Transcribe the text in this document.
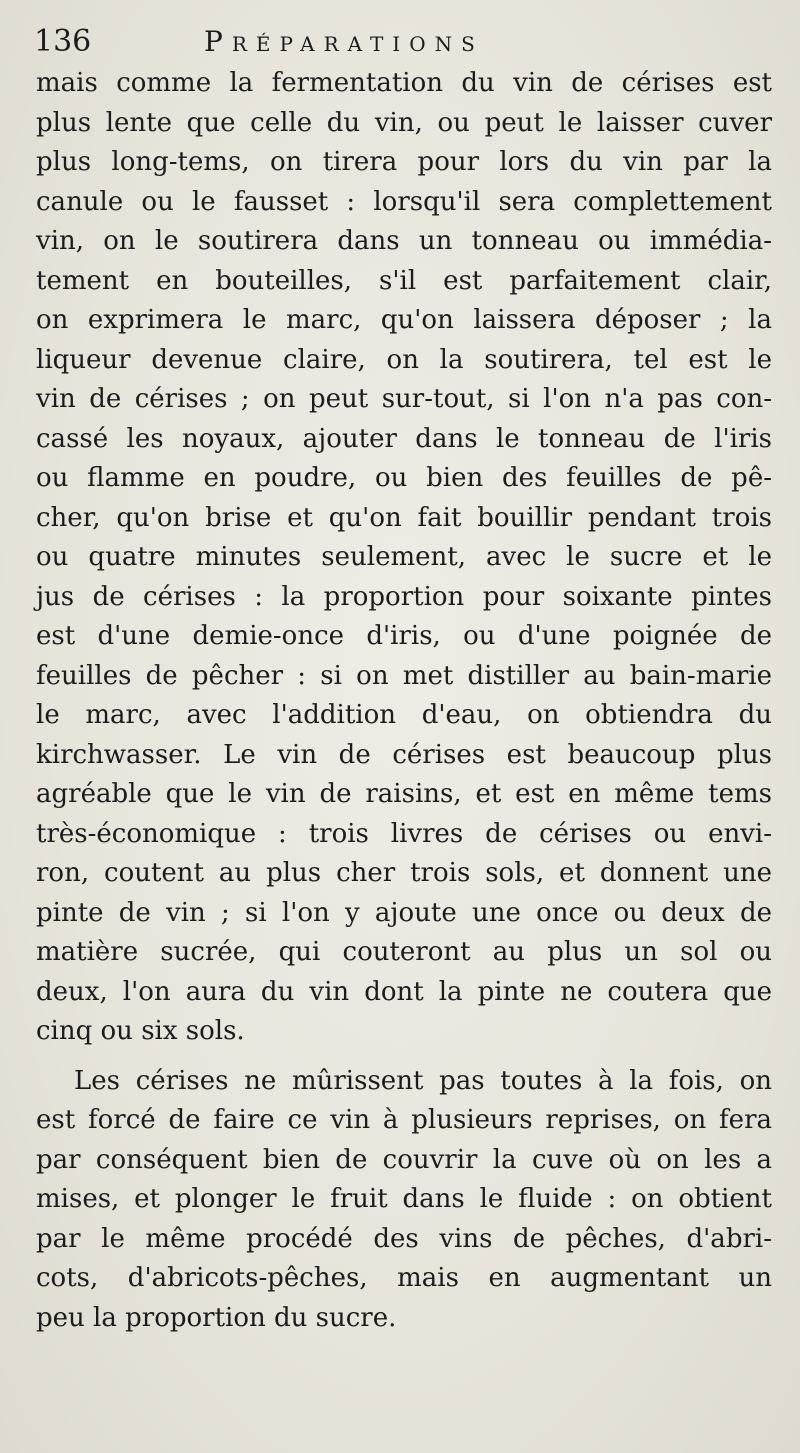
136	Préparations
mais comme la fermentation du vin de cérises est
plus lente que celle du vin, ou peut le laisser cuver
plus long-tems, on tirera pour lors du vin par la
canule ou le fausset : lorsqu'il sera complettement
vin, on le soutirera dans un tonneau ou immédia-
tement en bouteilles, s'il est parfaitement clair,
on exprimera le marc, qu'on laissera déposer ; la
liqueur devenue claire, on la soutirera, tel est le
vin de cérises ; on peut sur-tout, si l'on n'a pas con-
cassé les noyaux, ajouter dans le tonneau de l'iris
ou flamme en poudre, ou bien des feuilles de pê-
cher, qu'on brise et qu'on fait bouillir pendant trois
ou quatre minutes seulement, avec le sucre et le
jus de cérises : la proportion pour soixante pintes
est d'une demie-once d'iris, ou d'une poignée de
feuilles de pêcher : si on met distiller au bain-marie
le marc, avec l'addition d'eau, on obtiendra du
kirchwasser. Le vin de cérises est beaucoup plus
agréable que le vin de raisins, et est en même tems
très-économique : trois livres de cérises ou envi-
ron, coutent au plus cher trois sols, et donnent une
pinte de vin ; si l'on y ajoute une once ou deux de
matière sucrée, qui couteront au plus un sol ou
deux, l'on aura du vin dont la pinte ne coutera que
cinq ou six sols.
Les cérises ne mûrissent pas toutes à la fois, on
est forcé de faire ce vin à plusieurs reprises, on fera
par conséquent bien de couvrir la cuve où on les a
mises, et plonger le fruit dans le fluide : on obtient
par le même procédé des vins de pêches, d'abri-
cots, d'abricots-pêches, mais en augmentant un
peu la proportion du sucre.
